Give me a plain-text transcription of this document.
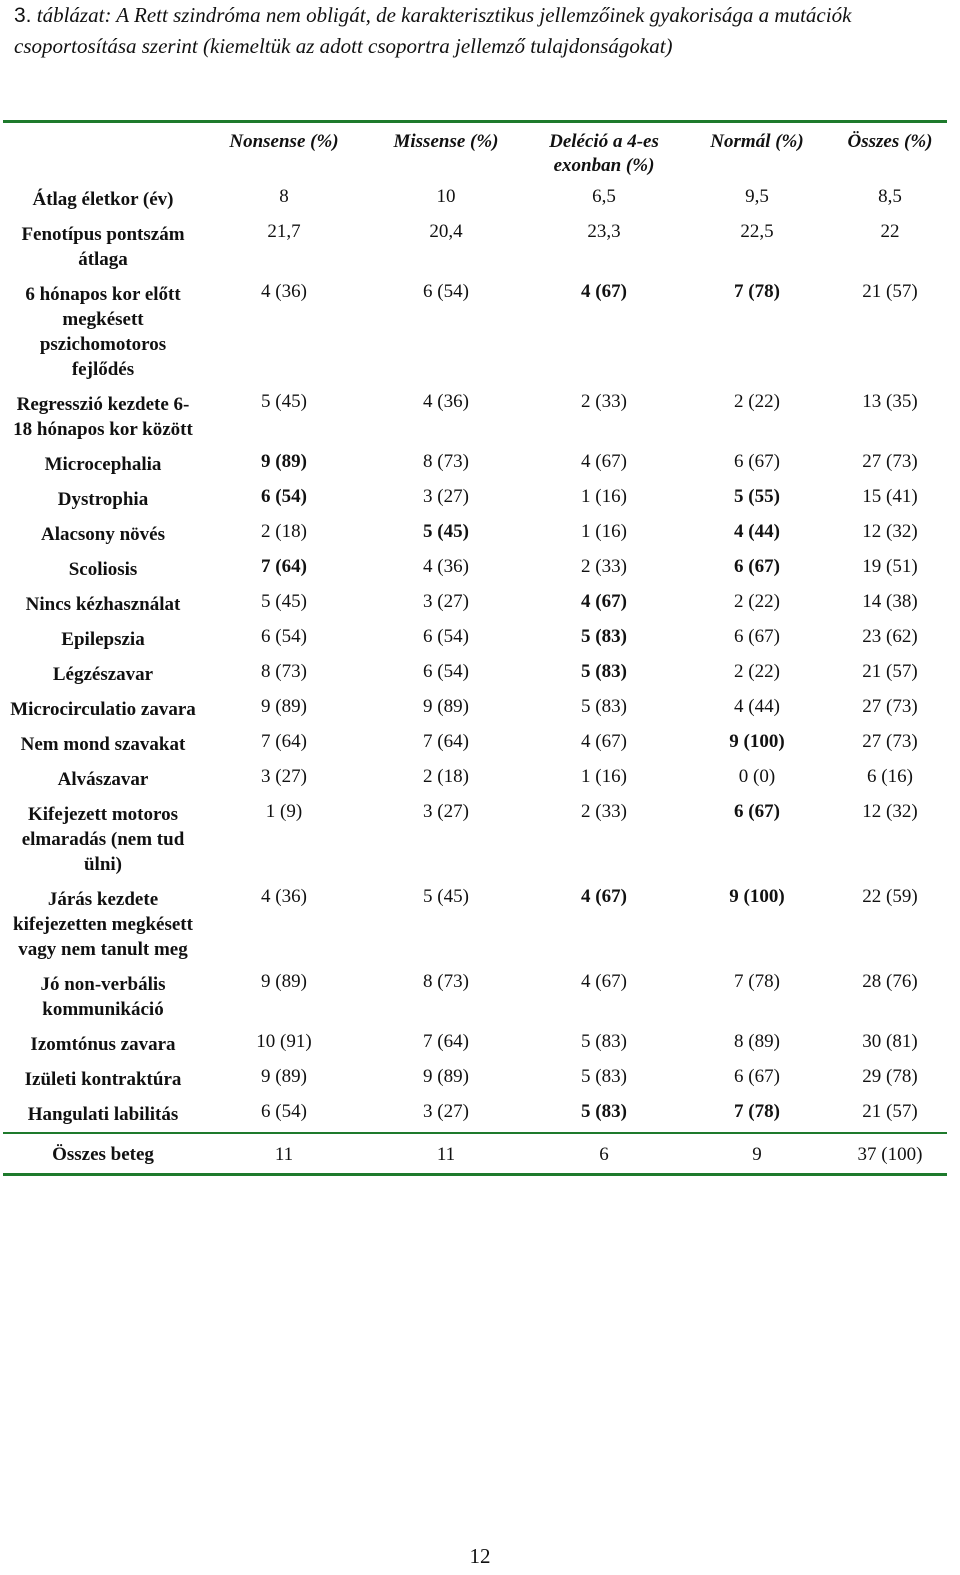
3. táblázat: A Rett szindróma nem obligát, de karakterisztikus jellemzőinek gyakorisága a mutációk csoportosítása szerint (kiemeltük az adott csoportra jellemző tulajdonságokat)

	Nonsense (%)	Missense (%)	Deléció a 4-es exonban (%)	Normál (%)	Összes (%)
Átlag életkor (év)	8	10	6,5	9,5	8,5
Fenotípus pontszám átlaga	21,7	20,4	23,3	22,5	22
6 hónapos kor előtt megkésett pszichomotoros fejlődés	4 (36)	6 (54)	4 (67)	7 (78)	21 (57)
Regresszió kezdete 6-18 hónapos kor között	5 (45)	4 (36)	2 (33)	2 (22)	13 (35)
Microcephalia	9 (89)	8 (73)	4 (67)	6 (67)	27 (73)
Dystrophia	6 (54)	3 (27)	1 (16)	5 (55)	15 (41)
Alacsony növés	2 (18)	5 (45)	1 (16)	4 (44)	12 (32)
Scoliosis	7 (64)	4 (36)	2 (33)	6 (67)	19 (51)
Nincs kézhasználat	5 (45)	3 (27)	4 (67)	2 (22)	14 (38)
Epilepszia	6 (54)	6 (54)	5 (83)	6 (67)	23 (62)
Légzészavar	8 (73)	6 (54)	5 (83)	2 (22)	21 (57)
Microcirculatio zavara	9 (89)	9 (89)	5 (83)	4 (44)	27 (73)
Nem mond szavakat	7 (64)	7 (64)	4 (67)	9 (100)	27 (73)
Alvászavar	3 (27)	2 (18)	1 (16)	0 (0)	6 (16)
Kifejezett motoros elmaradás (nem tud ülni)	1 (9)	3 (27)	2 (33)	6 (67)	12 (32)
Járás kezdete kifejezetten megkésett vagy nem tanult meg	4 (36)	5 (45)	4 (67)	9 (100)	22 (59)
Jó non-verbális kommunikáció	9 (89)	8 (73)	4 (67)	7 (78)	28 (76)
Izomtónus zavara	10 (91)	7 (64)	5 (83)	8 (89)	30 (81)
Izületi kontraktúra	9 (89)	9 (89)	5 (83)	6 (67)	29 (78)
Hangulati labilitás	6 (54)	3 (27)	5 (83)	7 (78)	21 (57)
Összes beteg	11	11	6	9	37 (100)
12
